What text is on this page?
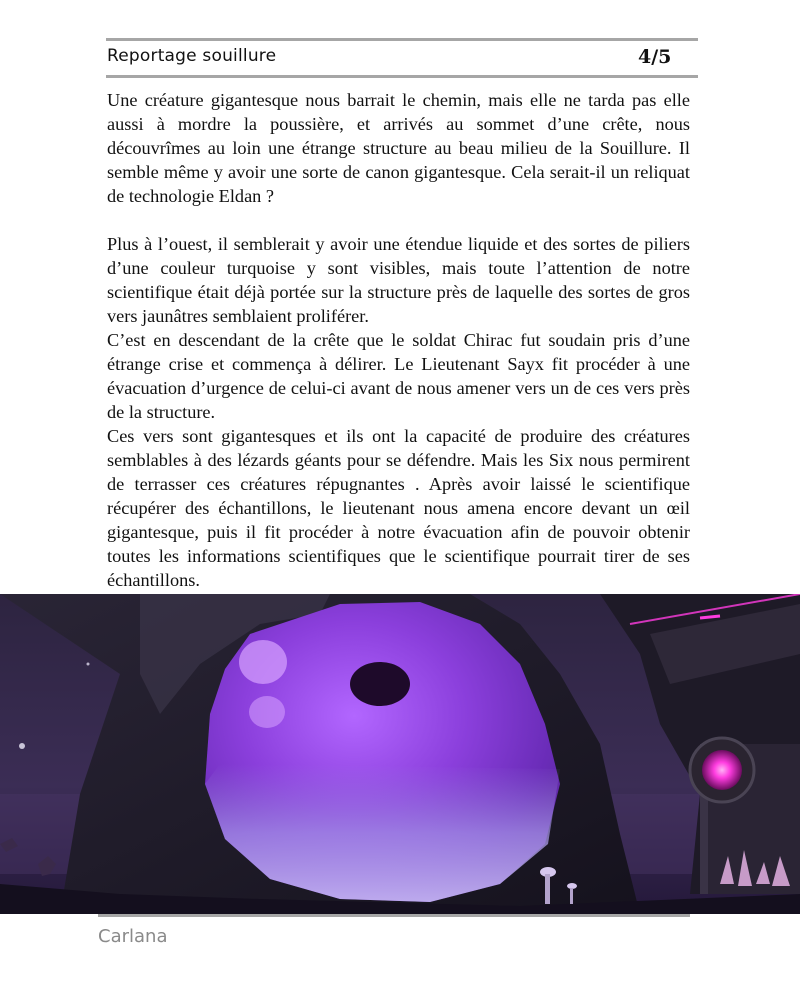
Reportage souillure	4/5

Une créature gigantesque nous barrait le chemin, mais elle ne tarda pas elle aussi à mordre la poussière, et arrivés au sommet d’une crête, nous découvrîmes au loin une étrange structure au beau milieu de la Souillure. Il semble même y avoir une sorte de canon gigantesque. Cela serait-il un reliquat de technologie Eldan ?

Plus à l’ouest, il semblerait y avoir une étendue liquide et des sortes de piliers d’une couleur turquoise y sont visibles, mais toute l’attention de notre scientifique était déjà portée sur la structure près de laquelle des sortes de gros vers jaunâtres semblaient proliférer.

C’est en descendant de la crête que le soldat Chirac fut soudain pris d’une étrange crise et commença à délirer. Le Lieutenant Sayx fit procéder à une évacuation d’urgence de celui-ci avant de nous amener vers un de ces vers près de la structure.

Ces vers sont gigantesques et ils ont la capacité de produire des créatures semblables à des lézards géants pour se défendre. Mais les Six nous permirent de terrasser ces créatures répugnantes . Après avoir laissé le scientifique récupérer des échantillons, le lieutenant nous amena encore devant un œil gigantesque, puis il fit procéder à notre évacuation afin de pouvoir obtenir toutes les informations scientifiques que le scientifique pourrait tirer de ses échantillons.

Carlana
